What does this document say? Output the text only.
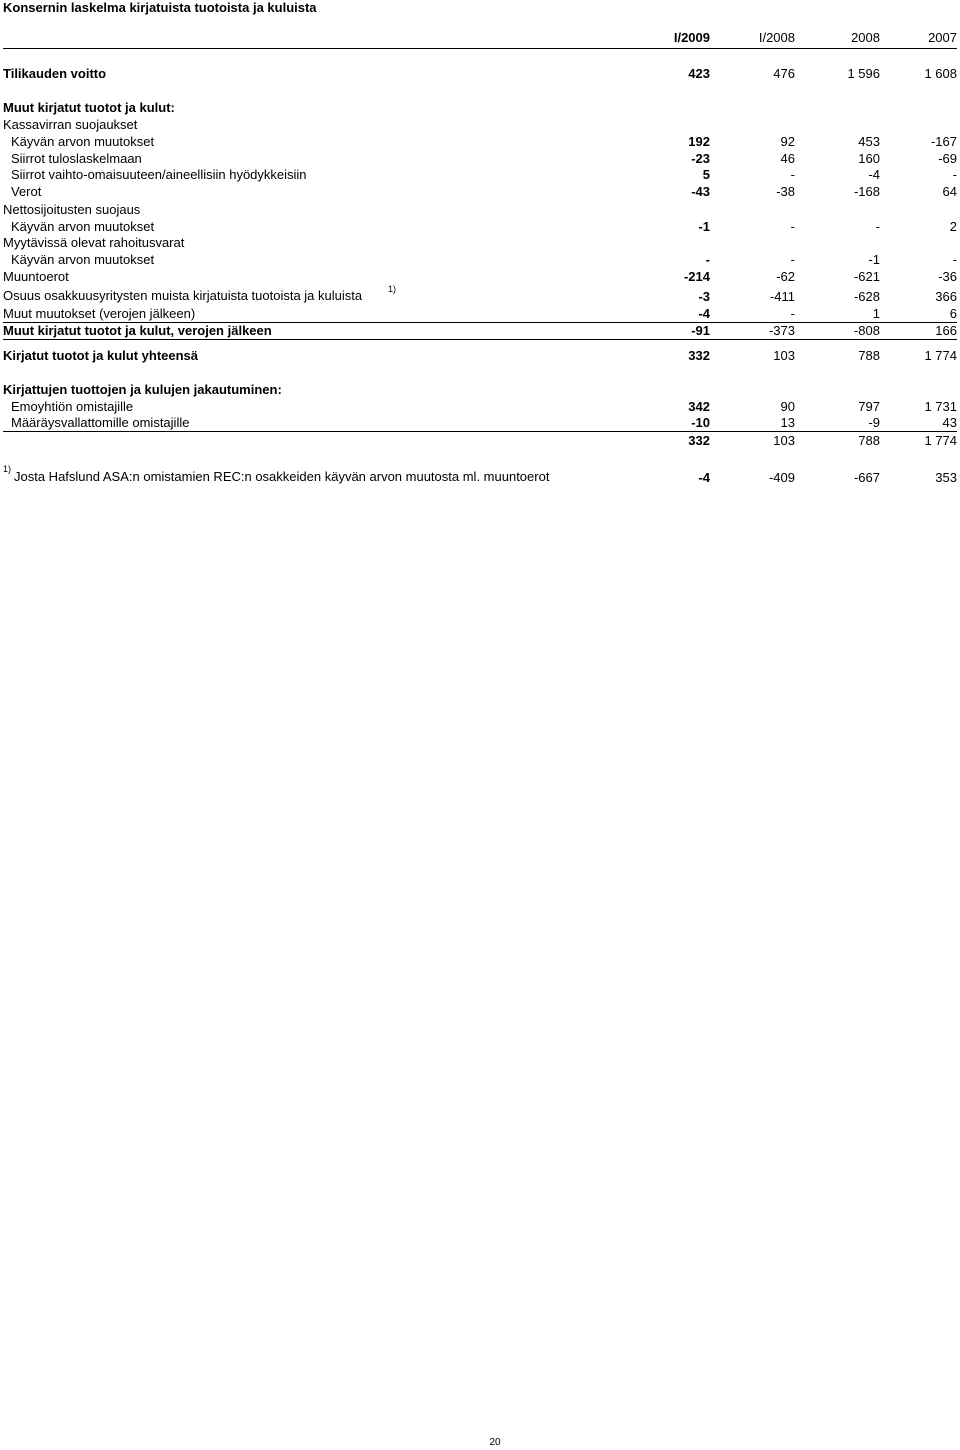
Konsernin laskelma kirjatuista tuotoista ja kuluista
I/2009	I/2008	2008	2007
Tilikauden voitto	423	476	1 596	1 608
Muut kirjatut tuotot ja kulut:
Kassavirran suojaukset
Käyvän arvon muutokset	192	92	453	-167
Siirrot tuloslaskelmaan	-23	46	160	-69
Siirrot vaihto-omaisuuteen/aineellisiin hyödykkeisiin	5	-	-4	-
Verot	-43	-38	-168	64
Nettosijoitusten suojaus
Käyvän arvon muutokset	-1	-	-	2
Myytävissä olevat rahoitusvarat
Käyvän arvon muutokset	-	-	-1	-
Muuntoerot	-214	-62	-621	-36
Osuus osakkuusyritysten muista kirjatuista tuotoista ja kuluista	1)	-3	-411	-628	366
Muut muutokset (verojen jälkeen)	-4	-	1	6
Muut kirjatut tuotot ja kulut, verojen jälkeen	-91	-373	-808	166
Kirjatut tuotot ja kulut yhteensä	332	103	788	1 774
Kirjattujen tuottojen ja kulujen jakautuminen:
Emoyhtiön omistajille	342	90	797	1 731
Määräysvallattomille omistajille	-10	13	-9	43
332	103	788	1 774
1) Josta Hafslund ASA:n omistamien REC:n osakkeiden käyvän arvon muutosta ml. muuntoerot	-4	-409	-667	353
20
